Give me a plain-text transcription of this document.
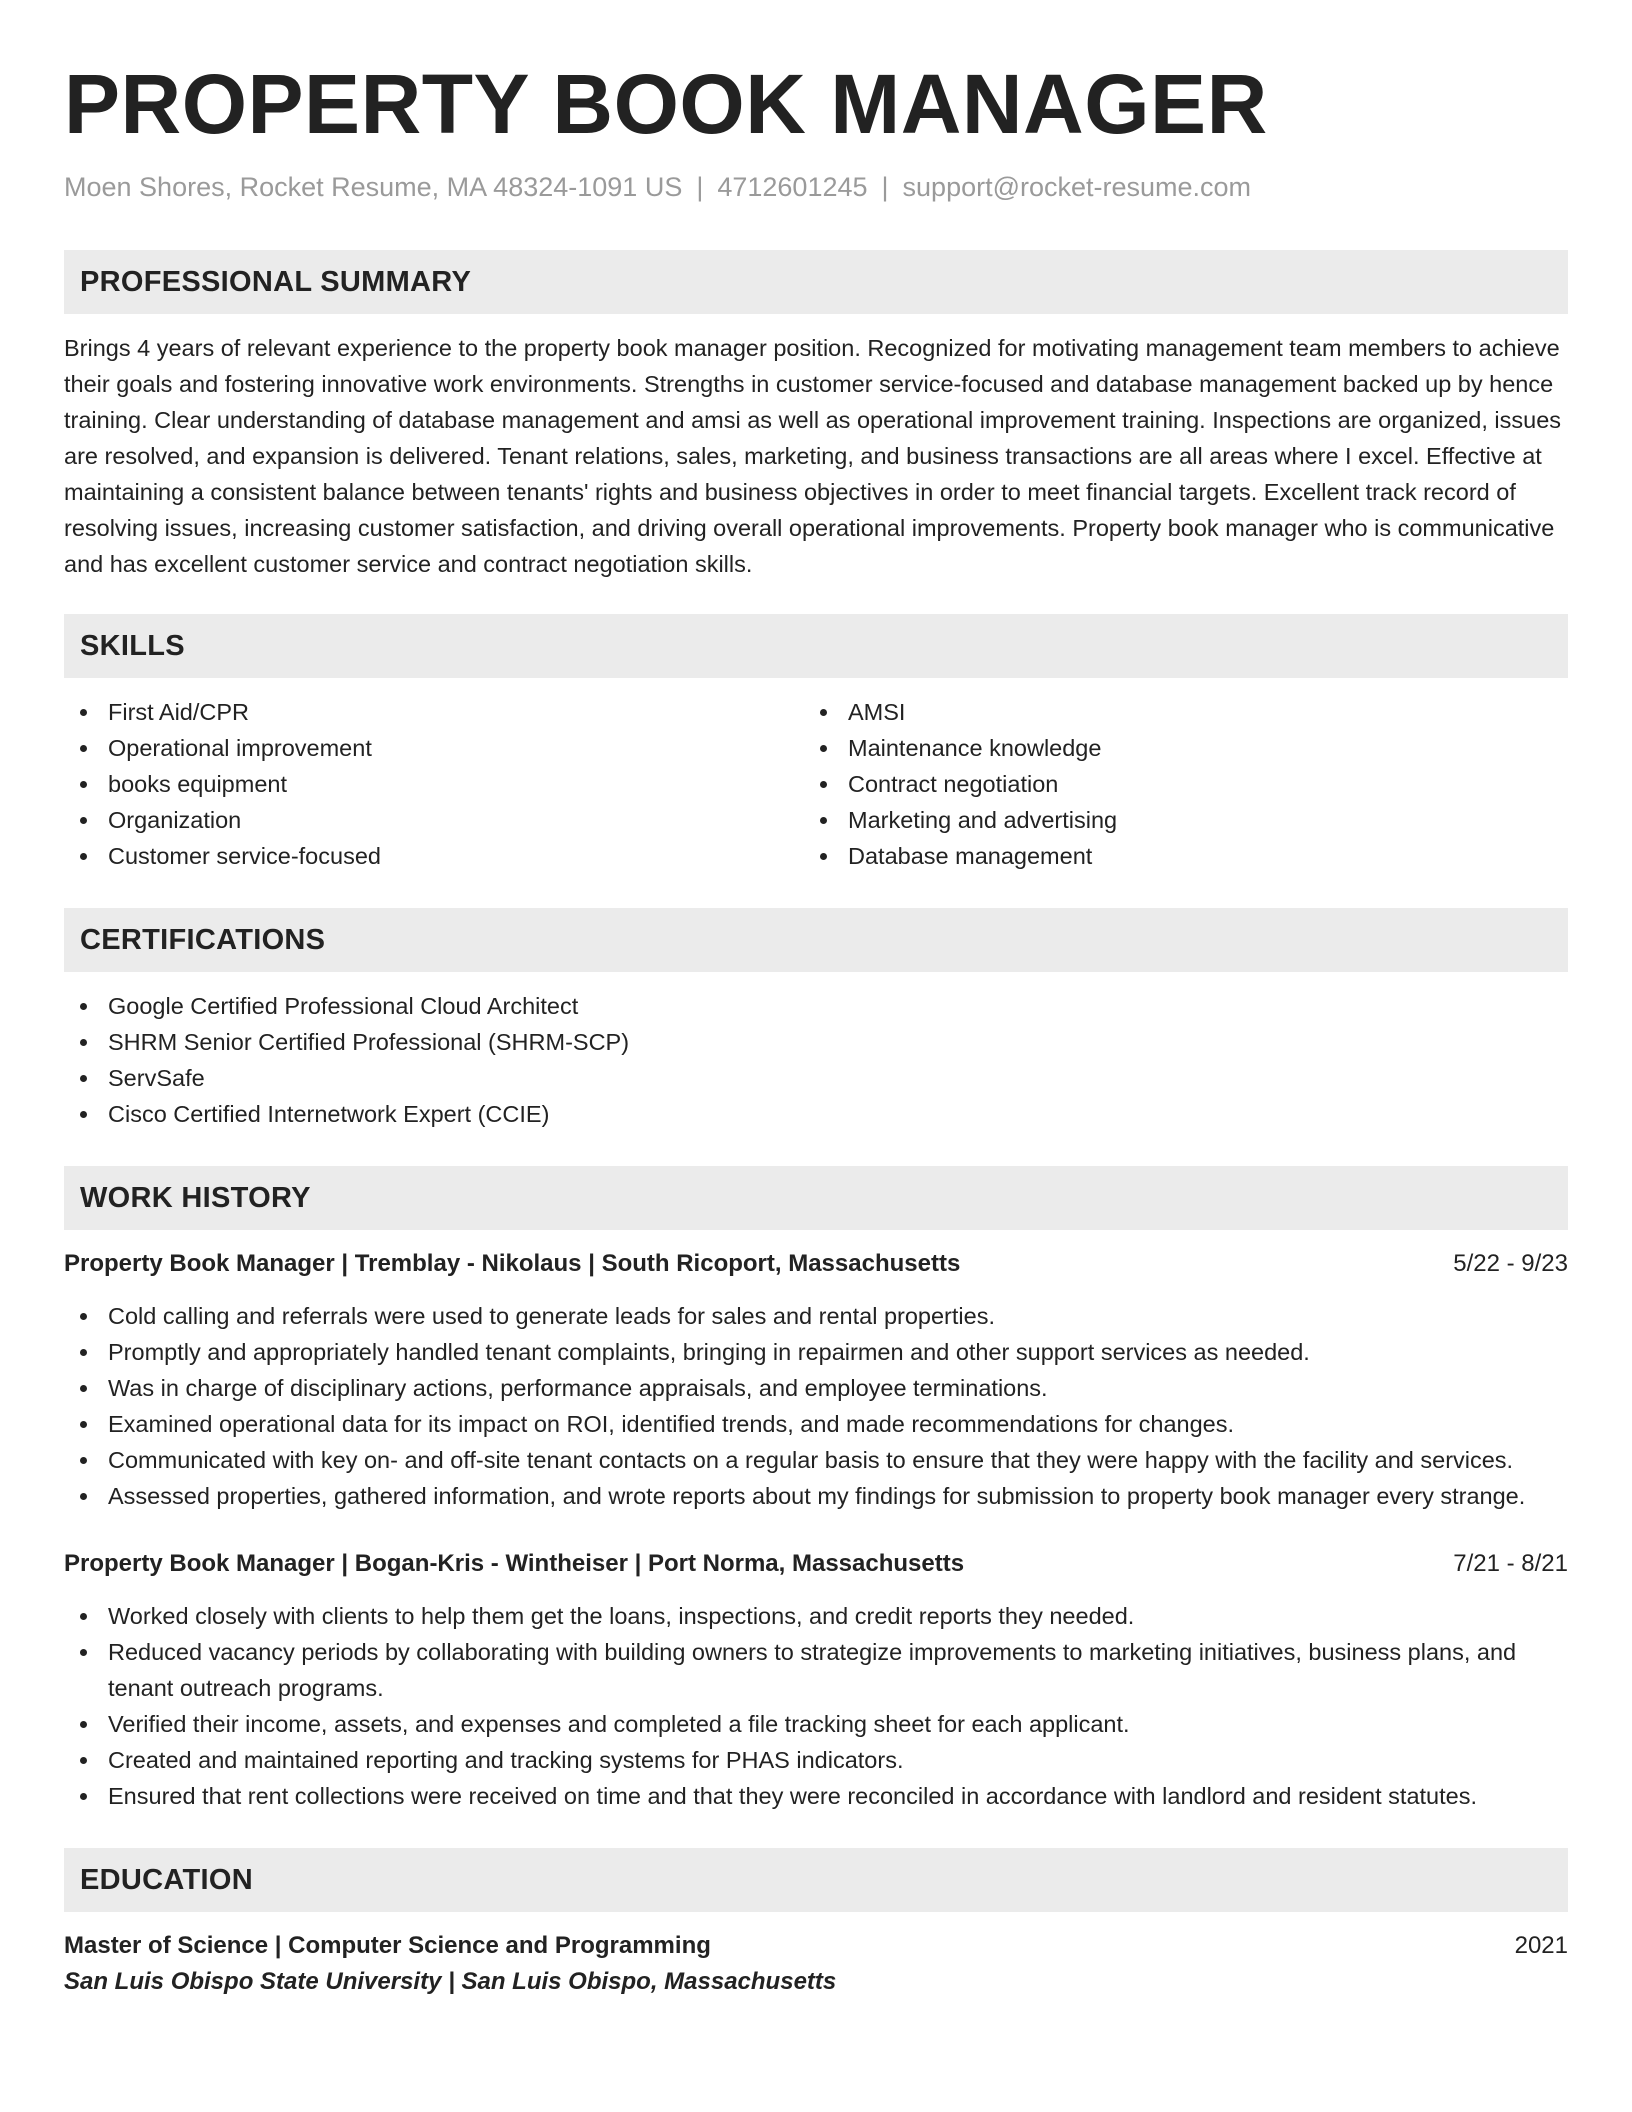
PROPERTY BOOK MANAGER
Moen Shores, Rocket Resume, MA 48324-1091 US | 4712601245 | support@rocket-resume.com
PROFESSIONAL SUMMARY

Brings 4 years of relevant experience to the property book manager position. Recognized for motivating management team members to achieve their goals and fostering innovative work environments. Strengths in customer service-focused and database management backed up by hence training. Clear understanding of database management and amsi as well as operational improvement training. Inspections are organized, issues are resolved, and expansion is delivered. Tenant relations, sales, marketing, and business transactions are all areas where I excel. Effective at maintaining a consistent balance between tenants' rights and business objectives in order to meet financial targets. Excellent track record of resolving issues, increasing customer satisfaction, and driving overall operational improvements. Property book manager who is communicative and has excellent customer service and contract negotiation skills.

SKILLS
First Aid/CPR
Operational improvement
books equipment
Organization
Customer service-focused
AMSI
Maintenance knowledge
Contract negotiation
Marketing and advertising
Database management
CERTIFICATIONS
Google Certified Professional Cloud Architect
SHRM Senior Certified Professional (SHRM-SCP)
ServSafe
Cisco Certified Internetwork Expert (CCIE)
WORK HISTORY
Property Book Manager | Tremblay - Nikolaus | South Ricoport, Massachusetts	5/22 - 9/23
Cold calling and referrals were used to generate leads for sales and rental properties.
Promptly and appropriately handled tenant complaints, bringing in repairmen and other support services as needed.
Was in charge of disciplinary actions, performance appraisals, and employee terminations.
Examined operational data for its impact on ROI, identified trends, and made recommendations for changes.
Communicated with key on- and off-site tenant contacts on a regular basis to ensure that they were happy with the facility and services.
Assessed properties, gathered information, and wrote reports about my findings for submission to property book manager every strange.
Property Book Manager | Bogan-Kris - Wintheiser | Port Norma, Massachusetts	7/21 - 8/21
Worked closely with clients to help them get the loans, inspections, and credit reports they needed.
Reduced vacancy periods by collaborating with building owners to strategize improvements to marketing initiatives, business plans, and tenant outreach programs.
Verified their income, assets, and expenses and completed a file tracking sheet for each applicant.
Created and maintained reporting and tracking systems for PHAS indicators.
Ensured that rent collections were received on time and that they were reconciled in accordance with landlord and resident statutes.
EDUCATION
Master of Science | Computer Science and Programming	2021
San Luis Obispo State University | San Luis Obispo, Massachusetts
